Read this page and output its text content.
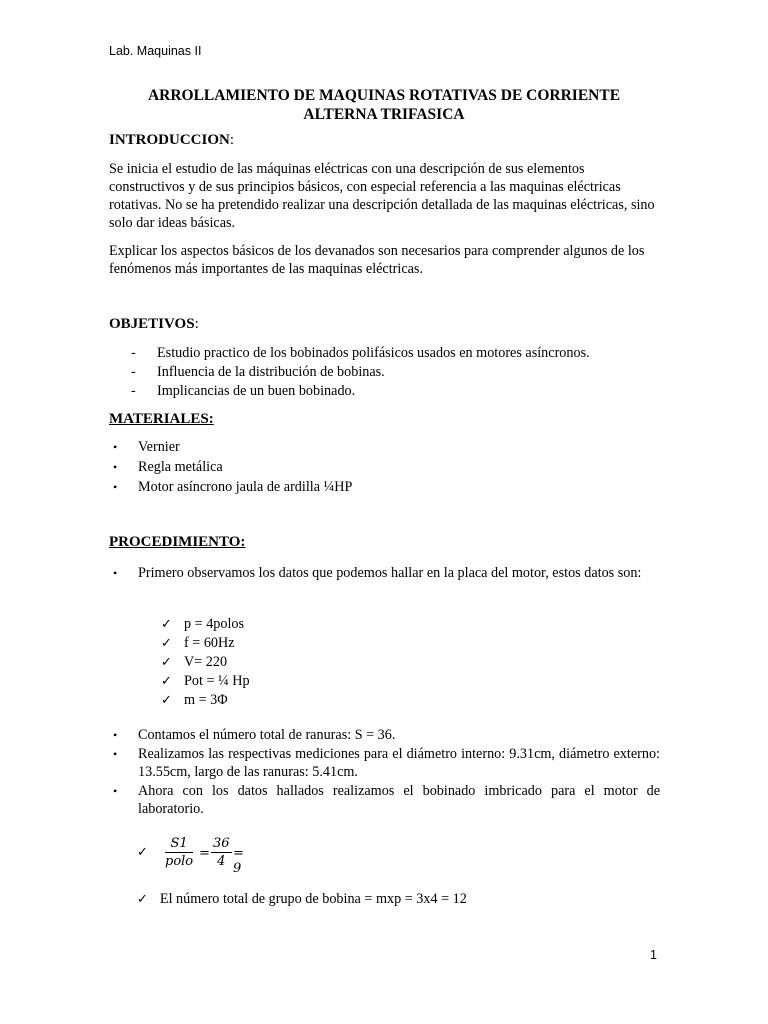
Lab. Maquinas II
ARROLLAMIENTO DE MAQUINAS ROTATIVAS DE CORRIENTE ALTERNA TRIFASICA
INTRODUCCION:

Se inicia el estudio de las máquinas eléctricas con una descripción de sus elementos constructivos y de sus principios básicos, con especial referencia a las maquinas eléctricas rotativas. No se ha pretendido realizar una descripción detallada de las maquinas eléctricas, sino solo dar ideas básicas.

Explicar los aspectos básicos de los devanados son necesarios para comprender algunos de los fenómenos más importantes de las maquinas eléctricas.

OBJETIVOS:
- Estudio practico de los bobinados polifásicos usados en motores asíncronos.
- Influencia de la distribución de bobinas.
- Implicancias de un buen bobinado.
MATERIALES:
• Vernier
• Regla metálica
• Motor asíncrono jaula de ardilla ¼HP
PROCEDIMIENTO:
• Primero observamos los datos que podemos hallar en la placa del motor, estos datos son:
✓ p = 4polos
✓ f = 60Hz
✓ V= 220
✓ Pot = ¼ Hp
✓ m = 3Φ
• Contamos el número total de ranuras: S = 36.
• Realizamos las respectivas mediciones para el diámetro interno: 9.31cm, diámetro externo: 13.55cm, largo de las ranuras: 5.41cm.
• Ahora con los datos hallados realizamos el bobinado imbricado para el motor de laboratorio.
✓
S1
polo
= $\frac{36}{4} = 9$
✓ El número total de grupo de bobina = mxp = 3x4 = 12
1
